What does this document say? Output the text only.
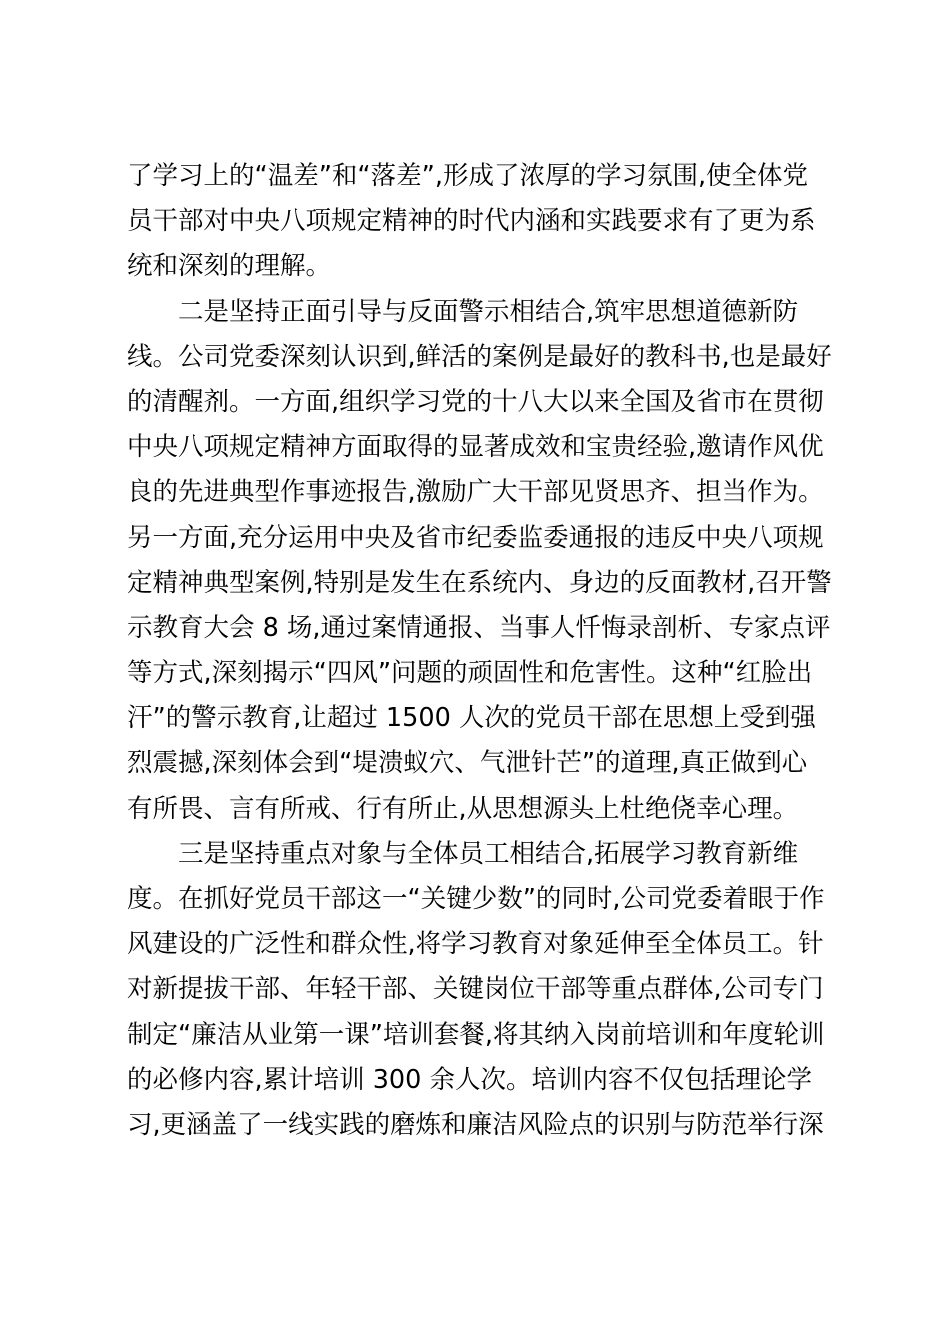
了学习上的“温差”和“落差”,形成了浓厚的学习氛围,使全体党
员干部对中央八项规定精神的时代内涵和实践要求有了更为系
统和深刻的理解。
二是坚持正面引导与反面警示相结合,筑牢思想道德新防
线。公司党委深刻认识到,鲜活的案例是最好的教科书,也是最好
的清醒剂。一方面,组织学习党的十八大以来全国及省市在贯彻
中央八项规定精神方面取得的显著成效和宝贵经验,邀请作风优
良的先进典型作事迹报告,激励广大干部见贤思齐、担当作为。
另一方面,充分运用中央及省市纪委监委通报的违反中央八项规
定精神典型案例,特别是发生在系统内、身边的反面教材,召开警
示教育大会 8 场,通过案情通报、当事人忏悔录剖析、专家点评
等方式,深刻揭示“四风”问题的顽固性和危害性。这种“红脸出
汗”的警示教育,让超过 1500 人次的党员干部在思想上受到强
烈震撼,深刻体会到“堤溃蚁穴、气泄针芒”的道理,真正做到心
有所畏、言有所戒、行有所止,从思想源头上杜绝侥幸心理。
三是坚持重点对象与全体员工相结合,拓展学习教育新维
度。在抓好党员干部这一“关键少数”的同时,公司党委着眼于作
风建设的广泛性和群众性,将学习教育对象延伸至全体员工。针
对新提拔干部、年轻干部、关键岗位干部等重点群体,公司专门
制定“廉洁从业第一课”培训套餐,将其纳入岗前培训和年度轮训
的必修内容,累计培训 300 余人次。培训内容不仅包括理论学
习,更涵盖了一线实践的磨炼和廉洁风险点的识别与防范举行深
